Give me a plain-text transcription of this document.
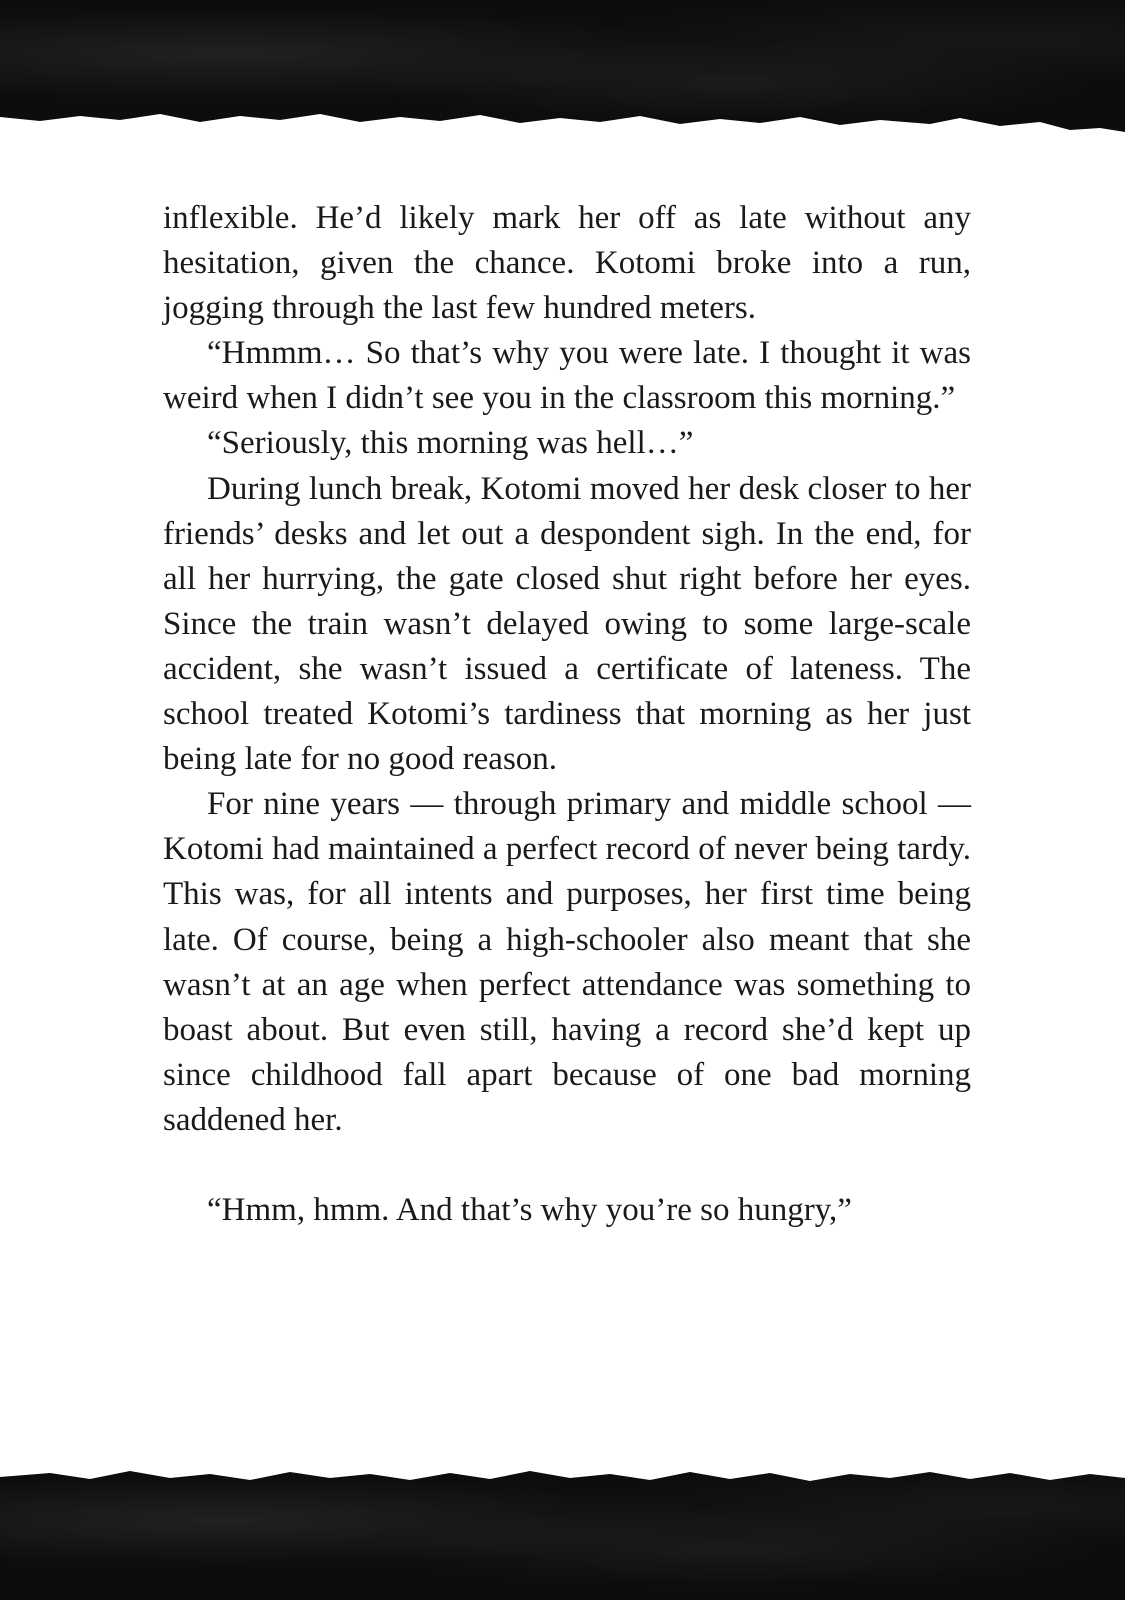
inflexible. He’d likely mark her off as late without any hesitation, given the chance. Kotomi broke into a run, jogging through the last few hundred meters.

“Hmmm… So that’s why you were late. I thought it was weird when I didn’t see you in the classroom this morning.”

“Seriously, this morning was hell…”

During lunch break, Kotomi moved her desk closer to her friends’ desks and let out a despondent sigh. In the end, for all her hurrying, the gate closed shut right before her eyes. Since the train wasn’t delayed owing to some large-scale accident, she wasn’t issued a certificate of lateness. The school treated Kotomi’s tardiness that morning as her just being late for no good reason.

For nine years — through primary and middle school — Kotomi had maintained a perfect record of never being tardy. This was, for all intents and purposes, her first time being late. Of course, being a high-schooler also meant that she wasn’t at an age when perfect attendance was something to boast about. But even still, having a record she’d kept up since childhood fall apart because of one bad morning saddened her.

“Hmm, hmm. And that’s why you’re so hungry,”
